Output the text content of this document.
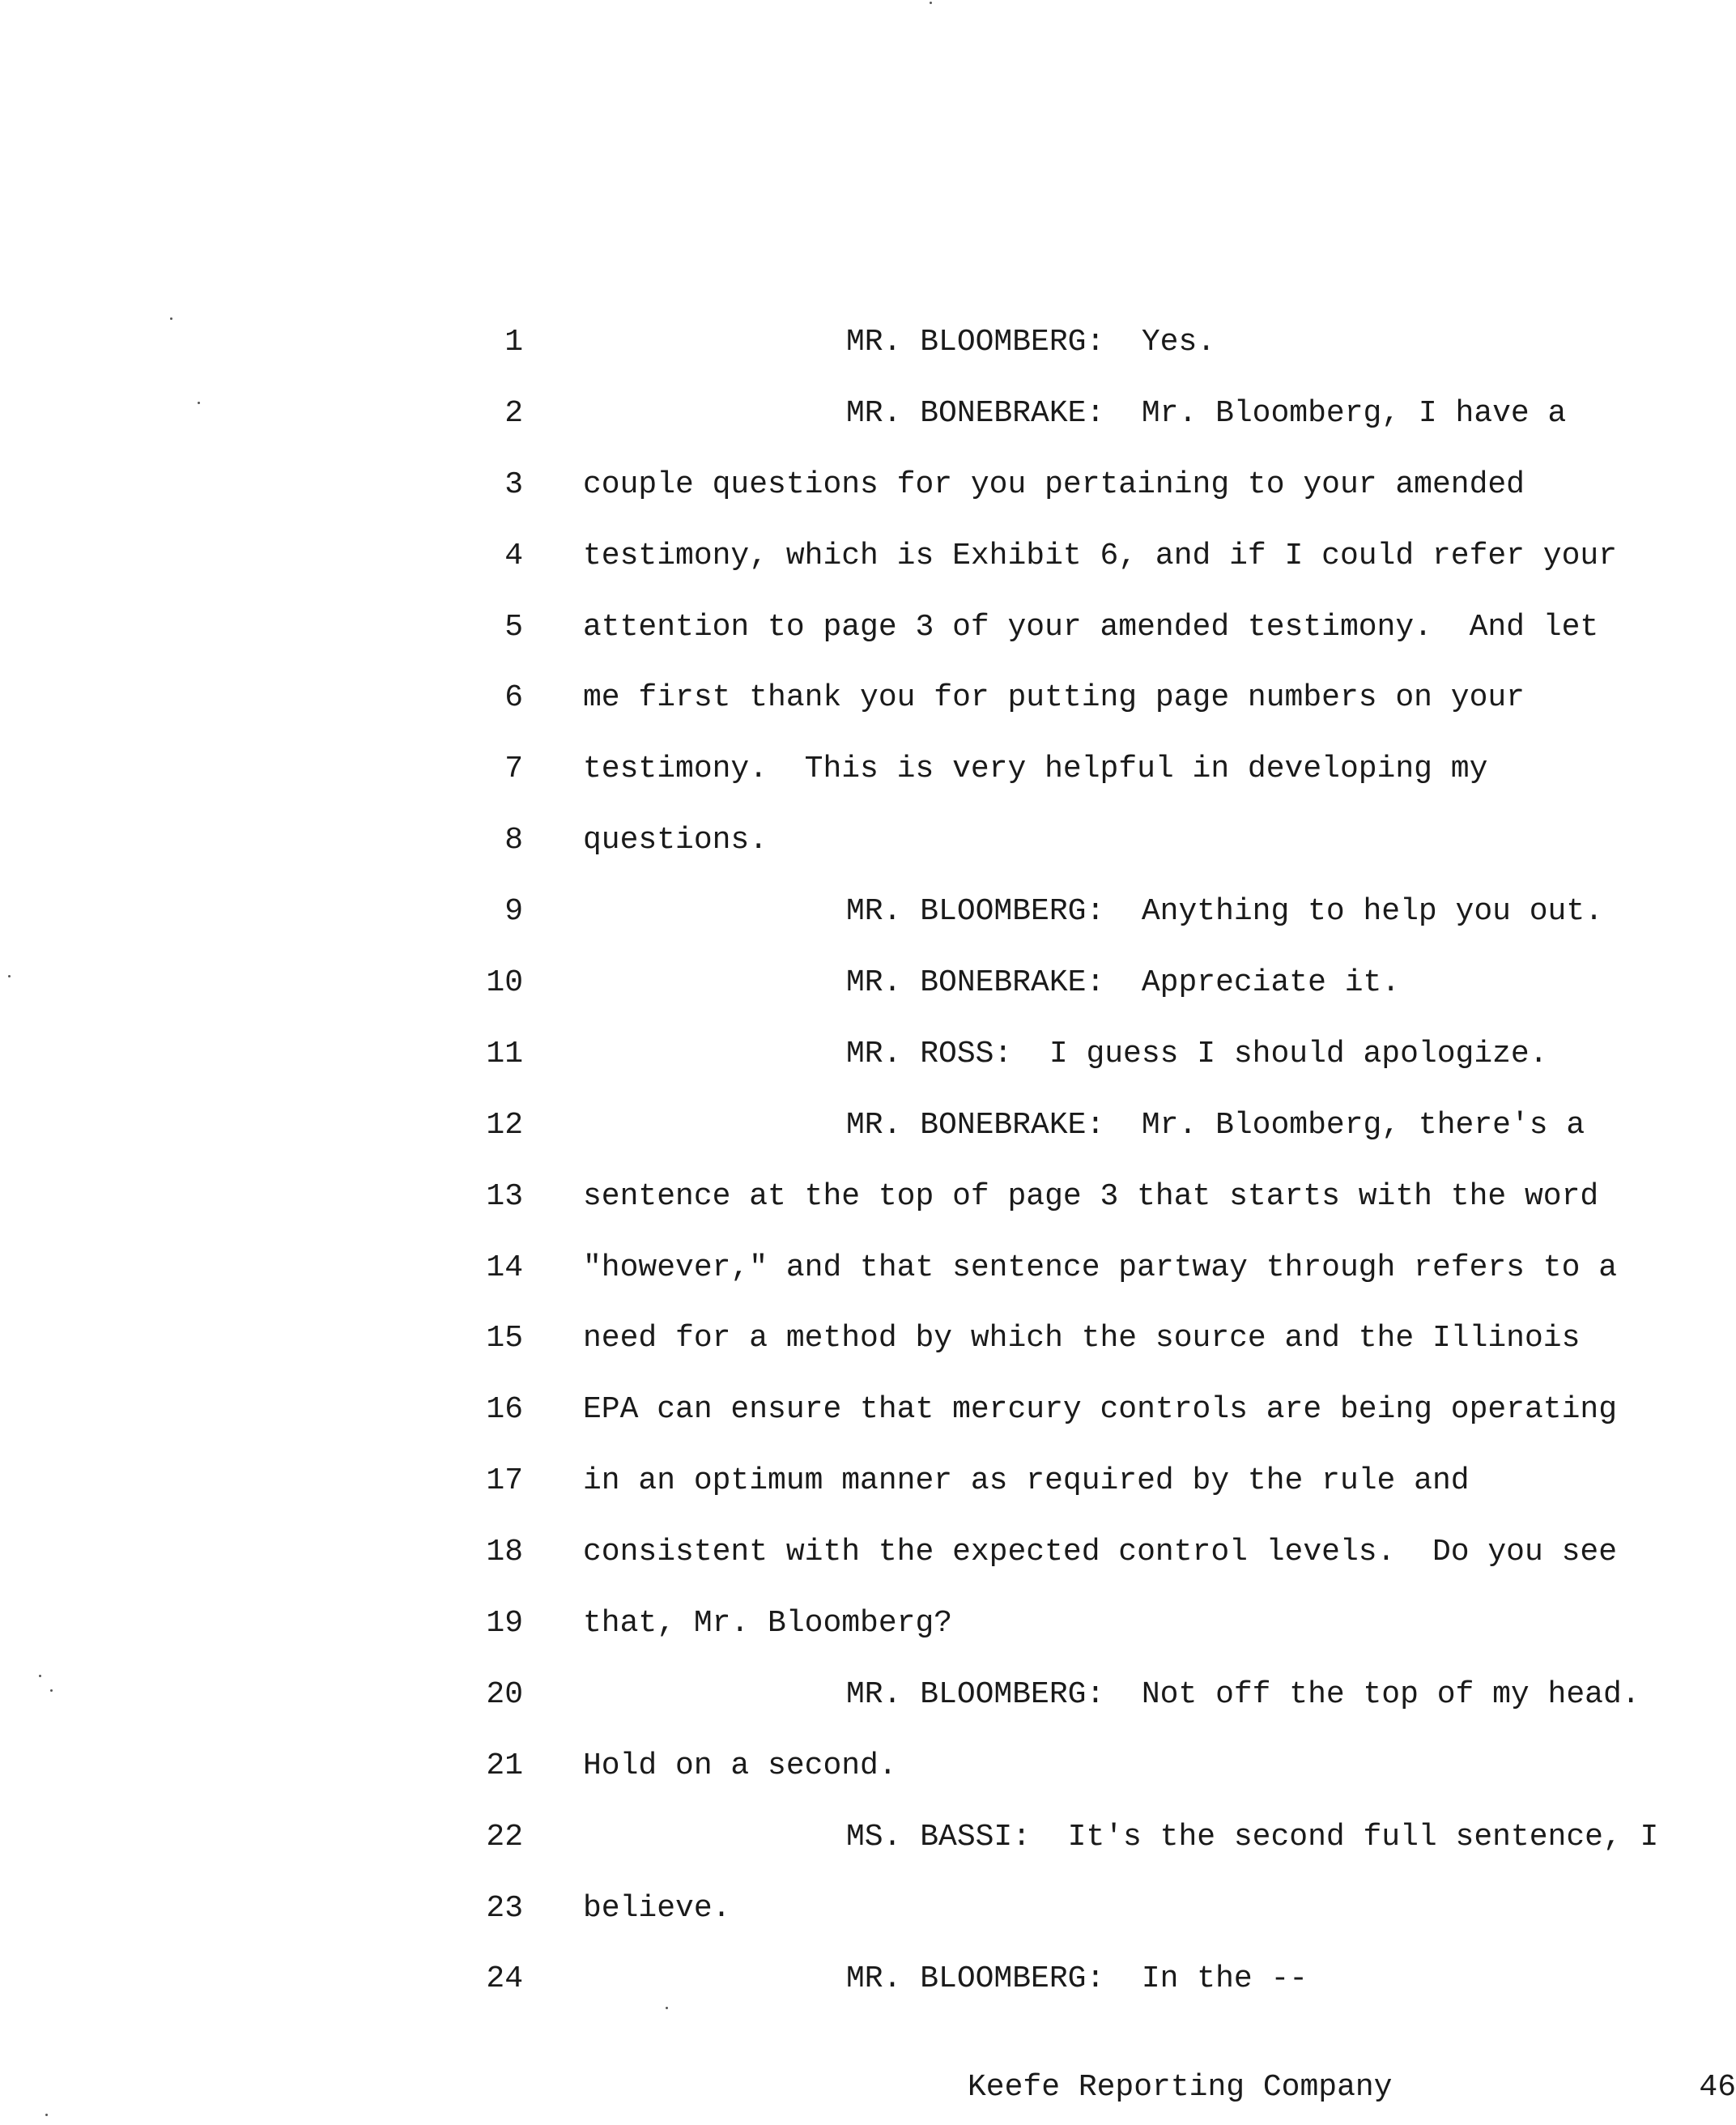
1	MR. BLOOMBERG:  Yes.
2	MR. BONEBRAKE:  Mr. Bloomberg, I have a
3 couple questions for you pertaining to your amended
4 testimony, which is Exhibit 6, and if I could refer your
5 attention to page 3 of your amended testimony.  And let
6 me first thank you for putting page numbers on your
7 testimony.  This is very helpful in developing my
8 questions.
9	MR. BLOOMBERG:  Anything to help you out.
10	MR. BONEBRAKE:  Appreciate it.
11	MR. ROSS:  I guess I should apologize.
12	MR. BONEBRAKE:  Mr. Bloomberg, there's a
13 sentence at the top of page 3 that starts with the word
14 "however," and that sentence partway through refers to a
15 need for a method by which the source and the Illinois
16 EPA can ensure that mercury controls are being operating
17 in an optimum manner as required by the rule and
18 consistent with the expected control levels.  Do you see
19 that, Mr. Bloomberg?
20	MR. BLOOMBERG:  Not off the top of my head.
21 Hold on a second.
22	MS. BASSI:  It's the second full sentence, I
23 believe.
24	MR. BLOOMBERG:  In the --
Keefe Reporting Company	46
